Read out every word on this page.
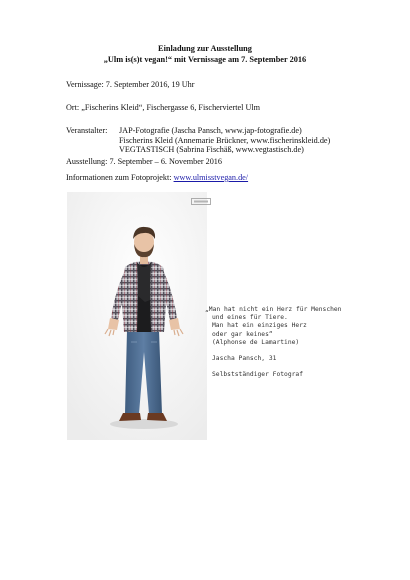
Einladung zur Ausstellung
„Ulm is(s)t vegan!“ mit Vernissage am 7. September 2016
Vernissage: 7. September 2016, 19 Uhr
Ort: „Fischerins Kleid“, Fischergasse 6, Fischerviertel Ulm
Veranstalter:	JAP-Fotografie (Jascha Pansch, www.jap-fotografie.de)
Fischerins Kleid (Annemarie Brückner, www.fischerinskleid.de)
VEGTASTISCH (Sabrina Fischäß, www.vegtastisch.de)
Ausstellung: 7. September – 6. November 2016
Informationen zum Fotoprojekt: www.ulmisstvegan.de/
„Man hat nicht ein Herz für Menschen
und eines für Tiere.
Man hat ein einziges Herz
oder gar keines“
(Alphonse de Lamartine)
Jascha Pansch, 31
Selbstständiger Fotograf
